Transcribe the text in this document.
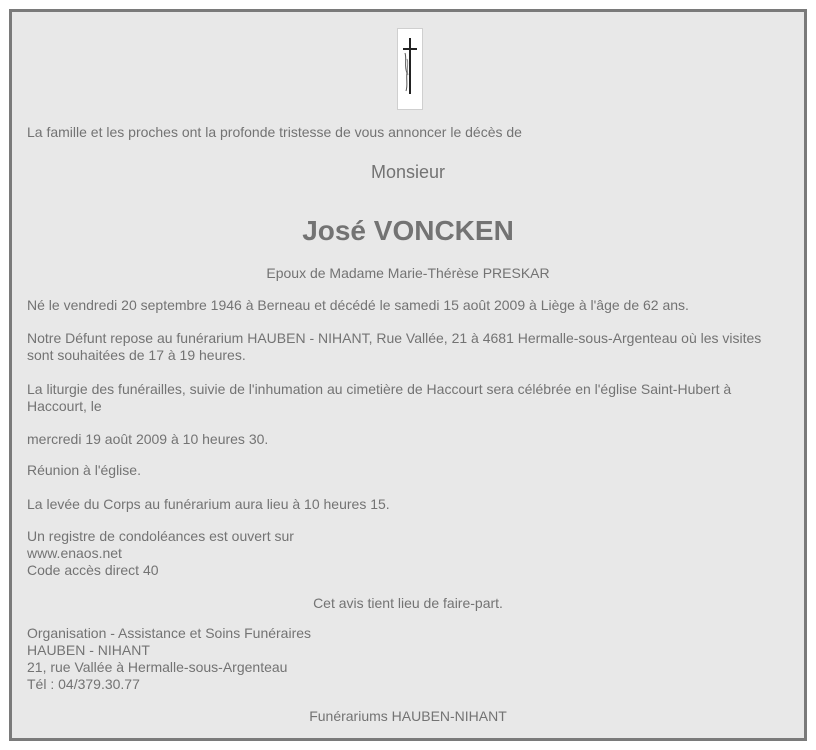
La famille et les proches ont la profonde tristesse de vous annoncer le décès de

Monsieur

José VONCKEN

Epoux de Madame Marie-Thérèse PRESKAR

Né le vendredi 20 septembre 1946 à Berneau et décédé le samedi 15 août 2009 à Liège à l'âge de 62 ans.

Notre Défunt repose au funérarium HAUBEN - NIHANT, Rue Vallée, 21 à 4681 Hermalle-sous-Argenteau où les visites sont souhaitées de 17 à 19 heures.

La liturgie des funérailles, suivie de l'inhumation au cimetière de Haccourt sera célébrée en l'église Saint-Hubert à Haccourt, le

mercredi 19 août 2009 à 10 heures 30.

Réunion à l'église.

La levée du Corps au funérarium aura lieu à 10 heures 15.

Un registre de condoléances est ouvert sur

www.enaos.net

Code accès direct 40

Cet avis tient lieu de faire-part.

Organisation - Assistance et Soins Funéraires

HAUBEN - NIHANT

21, rue Vallée à Hermalle-sous-Argenteau

Tél : 04/379.30.77

Funérariums HAUBEN-NIHANT
